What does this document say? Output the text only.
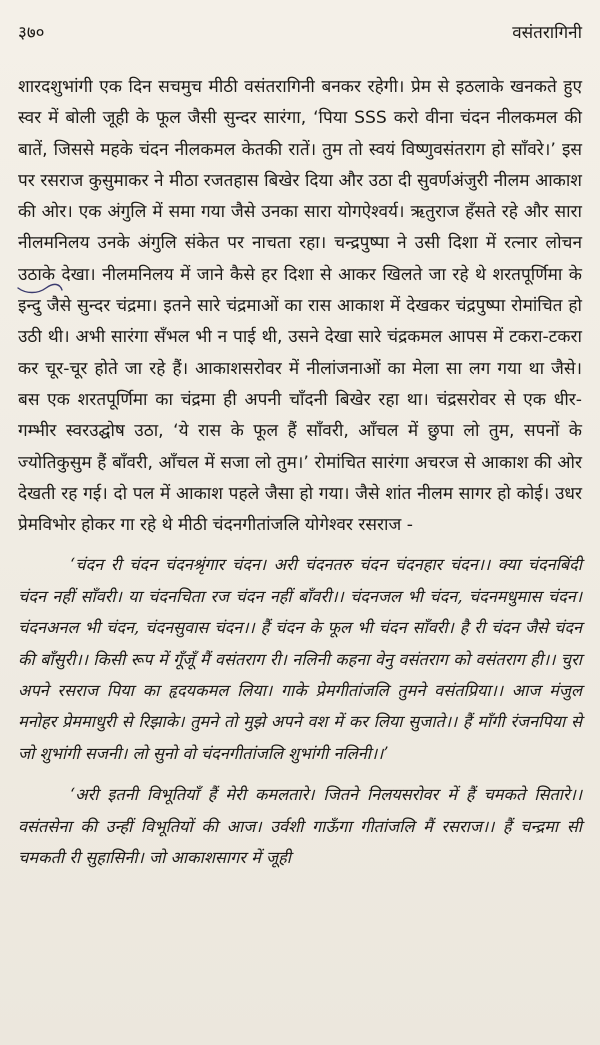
३७०	वसंतरागिनी

शारदशुभांगी एक दिन सचमुच मीठी वसंतरागिनी बनकर रहेगी। प्रेम से इठलाके खनकते हुए स्वर में बोली जूही के फूल जैसी सुन्दर सारंगा, ‘पिया SSS करो वीना चंदन नीलकमल की बातें, जिससे महके चंदन नीलकमल केतकी रातें। तुम तो स्वयं विष्णुवसंतराग हो साँवरे।’ इस पर रसराज कुसुमाकर ने मीठा रजतहास बिखेर दिया और उठा दी सुवर्णअंजुरी नीलम आकाश की ओर। एक अंगुलि में समा गया जैसे उनका सारा योगऐश्वर्य। ऋतुराज हँसते रहे और सारा नीलमनिलय उनके अंगुलि संकेत पर नाचता रहा। चन्द्रपुष्पा ने उसी दिशा में रत्नार लोचन उठाके देखा। नीलमनिलय में जाने कैसे हर दिशा से आकर खिलते जा रहे थे शरतपूर्णिमा के इन्दु जैसे सुन्दर चंद्रमा। इतने सारे चंद्रमाओं का रास आकाश में देखकर चंद्रपुष्पा रोमांचित हो उठी थी। अभी सारंगा सँभल भी न पाई थी, उसने देखा सारे चंद्रकमल आपस में टकरा-टकरा कर चूर-चूर होते जा रहे हैं। आकाशसरोवर में नीलांजनाओं का मेला सा लग गया था जैसे। बस एक शरतपूर्णिमा का चंद्रमा ही अपनी चाँदनी बिखेर रहा था। चंद्रसरोवर से एक धीर-गम्भीर स्वरउद्घोष उठा, ‘ये रास के फूल हैं साँवरी, आँचल में छुपा लो तुम, सपनों के ज्योतिकुसुम हैं बाँवरी, आँचल में सजा लो तुम।’ रोमांचित सारंगा अचरज से आकाश की ओर देखती रह गई। दो पल में आकाश पहले जैसा हो गया। जैसे शांत नीलम सागर हो कोई। उधर प्रेमविभोर होकर गा रहे थे मीठी चंदनगीतांजलि योगेश्वर रसराज -

‘चंदन री चंदन चंदनश्रृंगार चंदन। अरी चंदनतरु चंदन चंदनहार चंदन।। क्या चंदनबिंदी चंदन नहीं साँवरी। या चंदनचिता रज चंदन नहीं बाँवरी।। चंदनजल भी चंदन, चंदनमधुमास चंदन। चंदनअनल भी चंदन, चंदनसुवास चंदन।। हैं चंदन के फूल भी चंदन साँवरी। है री चंदन जैसे चंदन की बाँसुरी।। किसी रूप में गूँजूँ मैं वसंतराग री। नलिनी कहना वेनु वसंतराग को वसंतराग ही।। चुरा अपने रसराज पिया का हृदयकमल लिया। गाके प्रेमगीतांजलि तुमने वसंतप्रिया।। आज मंजुल मनोहर प्रेममाधुरी से रिझाके। तुमने तो मुझे अपने वश में कर लिया सुजाते।। हैं माँगी रंजनपिया से जो शुभांगी सजनी। लो सुनो वो चंदनगीतांजलि शुभांगी नलिनी।।’

‘अरी इतनी विभूतियाँ हैं मेरी कमलतारे। जितने निलयसरोवर में हैं चमकते सितारे।। वसंतसेना की उन्हीं विभूतियों की आज। उर्वशी गाऊँगा गीतांजलि मैं रसराज।। हैं चन्द्रमा सी चमकती री सुहासिनी। जो आकाशसागर में जूही
